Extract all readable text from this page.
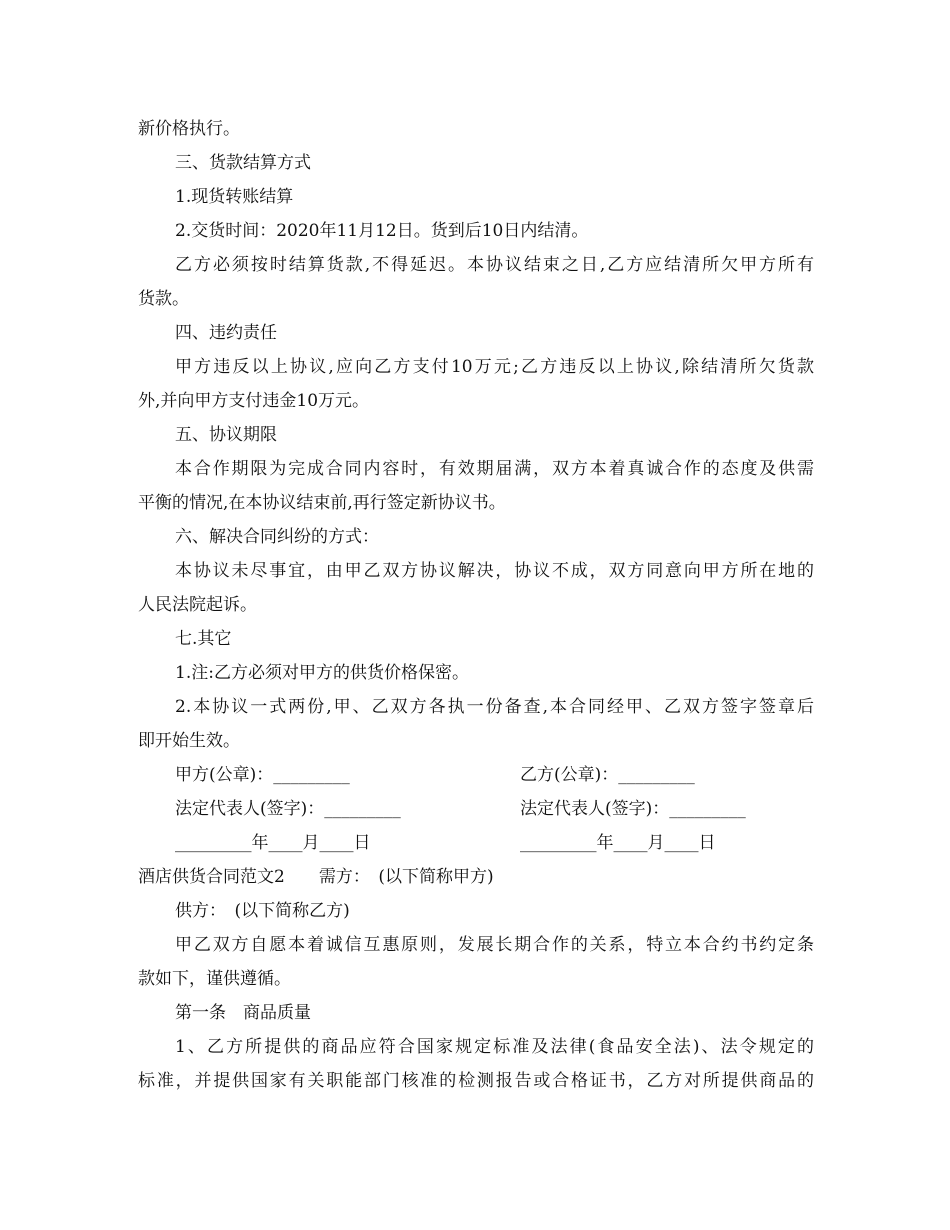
新价格执行。
三、货款结算方式
1.现货转账结算
2.交货时间：2020年11月12日。货到后10日内结清。
乙方必须按时结算货款,不得延迟。本协议结束之日,乙方应结清所欠甲方所有
货款。
四、违约责任
甲方违反以上协议,应向乙方支付10万元;乙方违反以上协议,除结清所欠货款
外,并向甲方支付违金10万元。
五、协议期限
本合作期限为完成合同内容时，有效期届满，双方本着真诚合作的态度及供需
平衡的情况,在本协议结束前,再行签定新协议书。
六、解决合同纠纷的方式：
本协议未尽事宜，由甲乙双方协议解决，协议不成，双方同意向甲方所在地的
人民法院起诉。
七.其它
1.注:乙方必须对甲方的供货价格保密。
2.本协议一式两份,甲、乙双方各执一份备查,本合同经甲、乙双方签字签章后
即开始生效。
甲方(公章)：_________	乙方(公章)：_________
法定代表人(签字)：_________	法定代表人(签字)：_________
_________年____月____日	_________年____月____日
酒店供货合同范文2　　需方：　(以下简称甲方)
供方：　(以下简称乙方)
甲乙双方自愿本着诚信互惠原则，发展长期合作的关系，特立本合约书约定条
款如下，谨供遵循。
第一条　商品质量
1、乙方所提供的商品应符合国家规定标准及法律(食品安全法)、法令规定的
标准，并提供国家有关职能部门核准的检测报告或合格证书，乙方对所提供商品的
